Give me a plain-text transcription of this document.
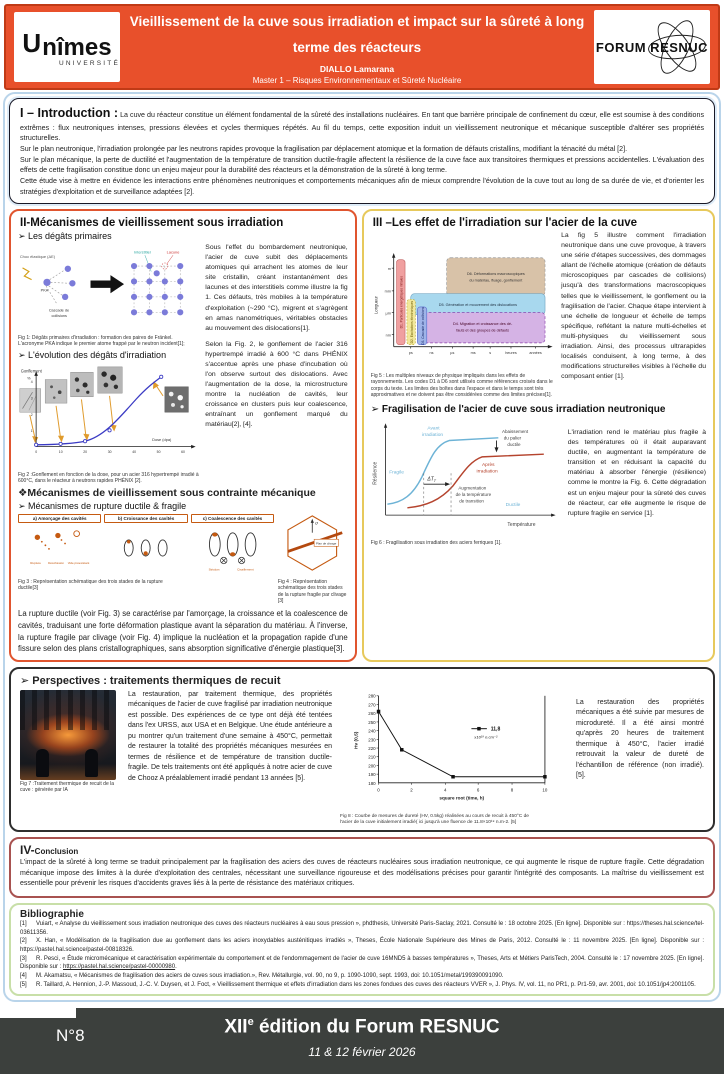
U nîmes
UNIVERSITÉ
Vieillissement de la cuve sous irradiation et impact sur la sûreté à long
terme des réacteurs
DIALLO Lamarana
Master 1 – Risques Environnementaux et Sûreté Nucléaire
FORUM RESNUC

I – Introduction : La cuve du réacteur constitue un élément fondamental de la sûreté des installations nucléaires. En tant que barrière principale de confinement du cœur, elle est soumise à des conditions extrêmes : flux neutroniques intenses, pressions élevées et cycles thermiques répétés. Au fil du temps, cette exposition induit un vieillissement neutronique et mécanique susceptible d'altérer ses propriétés structurelles.

Sur le plan neutronique, l'irradiation prolongée par les neutrons rapides provoque la fragilisation par déplacement atomique et la formation de défauts cristallins, modifiant la ténacité du métal [2].

Sur le plan mécanique, la perte de ductilité et l'augmentation de la température de transition ductile-fragile affectent la résilience de la cuve face aux transitoires thermiques et pressions accidentelles. L'évaluation des effets de cette fragilisation constitue donc un enjeu majeur pour la durabilité des réacteurs et la démonstration de la sûreté à long terme.

Cette étude vise à mettre en évidence les interactions entre phénomènes neutroniques et comportements mécaniques afin de mieux comprendre l'évolution de la cuve tout au long de sa durée de vie, et d'orienter les stratégies d'exploitation et de surveillance adaptées [2].

II-Mécanismes de vieillissement sous irradiation
➢ Les dégâts primaires
Choc élastique (ΔE)
PKA
Cascade de
collisions
Interstitiel	Lacune
Fig 1: Dégâts primaires d'irradiation : formation des paires de Fränkel. L'acronyme PKA indique le premier atome frappé par le neutron incident[1];
➢ L'évolution des dégâts d'irradiation
Gonflement
%
1
2
3
4
0	10	20	30	40	50	60
Dose (dpa)
Fig 2 :Gonflement en fonction de la dose, pour un acier 316 hypertrempé irradié à 600°C, dans le réacteur à neutrons rapides PHÉNIX [2].

Sous l'effet du bombardement neutronique, l'acier de cuve subit des déplacements atomiques qui arrachent les atomes de leur site cristallin, créant instantanément des lacunes et des interstitiels comme illustre la fig 1. Ces défauts, très mobiles à la température d'exploitation (~290 °C), migrent et s'agrègent en amas nanométriques, véritables obstacles au mouvement des dislocations[1].

Selon la Fig. 2, le gonflement de l'acier 316 hypertrempé irradié à 600 °C dans PHÉNIX s'accentue après une phase d'incubation où l'on observe surtout des dislocations. Avec l'augmentation de la dose, la microstructure montre la nucléation de cavités, leur croissance en clusters puis leur coalescence, entraînant un gonflement marqué du matériau[2], [4].

❖Mécanismes de vieillissement sous contrainte mécanique
➢ Mécanismes de rupture ductile & fragile
a) Amorçage des cavités
Rupture Décohésion Vide préexistant
b) Croissance des cavités	c) Coalescence des cavités
Striction	Cisaillement
σ
Plan de clivage
Fig 3 : Représentation schématique des trois stades de la rupture ductile[3]
Fig 4 : Représentation schématique des trois stades de la rupture fragile par clivage [3]

La rupture ductile (voir Fig. 3) se caractérise par l'amorçage, la croissance et la coalescence de cavités, traduisant une forte déformation plastique avant la séparation du matériau. À l'inverse, la rupture fragile par clivage (voir Fig. 4) implique la nucléation et la propagation rapide d'une fissure selon des plans cristallographiques, sans absorption significative d'énergie plastique[3].

III –Les effet de l'irradiation sur l'acier de la cuve
D6. Déformations macroscopiques
du matériau, fluage, gonflement
D5. Génération et mouvement des dislocations
D4. Migration et croissance des dé-
fauts et des groupes de défauts
D1. Particules énergétiques initiales D2. Excitations électroniques D3. Cascade de collisions
Longueur
m
mm
µm
nm
ps	ns	µs	ms	s	heures	années
Fig 5 : Les multiples niveaux de physique impliqués dans les effets de rayonnements. Les codes D1 à D6 sont utilisés comme références croisés dans le corps du texte. Les limites des boîtes dans l'espace et dans le temps sont très approximatives et ne doivent pas être considérées comme des limites précises[1].

La fig 5 illustre comment l'irradiation neutronique dans une cuve provoque, à travers une série d'étapes successives, des dommages allant de l'échelle atomique (création de défauts microscopiques par cascades de collisions) jusqu'à des transformations macroscopiques telles que le vieillissement, le gonflement ou la fragilisation de l'acier. Chaque étape intervient à une échelle de longueur et échelle de temps spécifique, reflétant la nature multi-échelles et multi-physiques du vieillissement sous irradiation. Ainsi, des processus ultrarapides localisés conduisent, à long terme, à des modifications structurelles visibles à l'échelle du composant entier [1].

➢ Fragilisation de l'acier de cuve sous irradiation neutronique
Résilience
Température
$\Delta T_T$
Abaissement
du palier
ductile
Augmentation
de la température
de transition
Avant
irradiation
Fragile
Ductile
Après
irradiation
Fig 6 : Fragilisation sous irradiation des aciers ferriques [1].

L'irradiation rend le matériau plus fragile à des températures où il était auparavant ductile, en augmentant la température de transition et en réduisant la capacité du matériau à absorber l'énergie (résilience) comme le montre la Fig. 6. Cette dégradation est un enjeu majeur pour la sûreté des cuves de réacteur, car elle augmente le risque de rupture fragile en service [1].

➢ Perspectives : traitements thermiques de recuit
Fig 7 :Traitement thermique de recuit de la cuve : générée par IA

La restauration, par traitement thermique, des propriétés mécaniques de l'acier de cuve fragilisé par irradiation neutronique est possible. Des expériences de ce type ont déjà été tentées dans l'ex URSS, aux USA et en Belgique. Une étude antérieure a pu montrer qu'un traitement d'une semaine à 450°C, permettait de restaurer la totalité des propriétés mécaniques mesurées en termes de résilience et de température de transition ductile-fragile. De tels traitements ont été appliqués à notre acier de cuve de Chooz A préalablement irradié pendant 13 années [5].

280
270
260
250
240
230
220
210
200
190
180
0	2	4	6	8	10
Hv (0,5)
square root (time, h)
11,8
x10¹⁹ n.cm⁻²
Fig 8 : Courbe de mesures de dureté (HV, 0.5kg) réalisées au cours de recuit à 450°C de
l'acier de la cuve initialement irradié( ici jusqu'à une fluence de 11.8×10¹⁹ n.m-2. [5]

La restauration des propriétés mécaniques a été suivie par mesures de microdureté. Il a été ainsi montré qu'après 20 heures de traitement thermique à 450°C, l'acier irradié retrouvait la valeur de dureté de l'échantillon de référence (non irradié).[5].

IV-Conclusion

L'impact de la sûreté à long terme se traduit principalement par la fragilisation des aciers des cuves de réacteurs nucléaires sous irradiation neutronique, ce qui augmente le risque de rupture fragile. Cette dégradation mécanique impose des limites à la durée d'exploitation des centrales, nécessitant une surveillance rigoureuse et des modélisations précises pour garantir l'intégrité des composants. La maîtrise du vieillissement est essentielle pour prévenir les risques d'accidents graves liés à la perte de résistance des matériaux critiques.

Bibliographie

[1] Vuiart, « Analyse du vieillissement sous irradiation neutronique des cuves des réacteurs nucléaires à eau sous pression », phdthesis, Université Paris-Saclay, 2021. Consulté le : 18 octobre 2025. [En ligne]. Disponible sur : https://theses.hal.science/tel-03611356.

[2] X. Han, « Modélisation de la fragilisation due au gonflement dans les aciers inoxydables austénitiques irradiés », Theses, École Nationale Supérieure des Mines de Paris, 2012. Consulté le : 11 novembre 2025. [En ligne]. Disponible sur : https://pastel.hal.science/pastel-00818326.

[3] R. Pesci, « Étude micromécanique et caractérisation expérimentale du comportement et de l'endommagement de l'acier de cuve 16MND5 à basses températures », Theses, Arts et Métiers ParisTech, 2004. Consulté le : 17 novembre 2025. [En ligne]. Disponible sur : https://pastel.hal.science/pastel-00000980.

[4] M. Akamatsu, « Mécanismes de fragilisation des aciers de cuves sous irradiation.», Rev. Métallurgie, vol. 90, no 9, p. 1090-1090, sept. 1993, doi: 10.1051/metal/199390091090.

[5] R. Taillard, A. Hennion, J.-P. Massoud, J.-C. V. Duysen, et J. Foct, « Vieillissement thermique et effets d'irradiation dans les zones fondues des cuves des réacteurs VVER », J. Phys. IV, vol. 11, no PR1, p. Pr1-59, avr. 2001, doi: 10.1051/jp4:2001105.

N°8	XIIe édition du Forum RESNUC
11 & 12 février 2026
